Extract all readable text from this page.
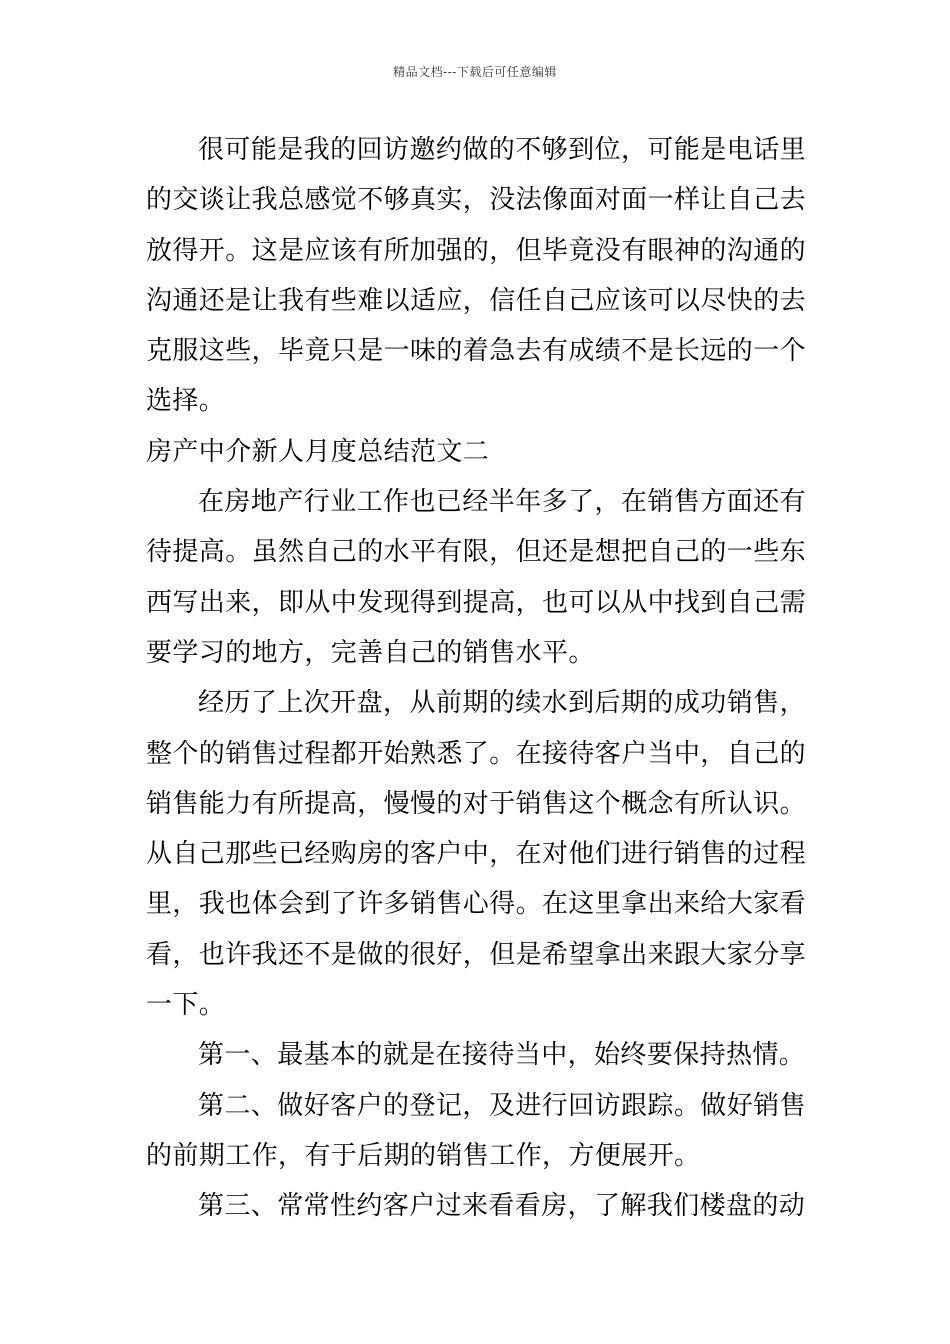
精品文档---下载后可任意编辑

很可能是我的回访邀约做的不够到位，可能是电话里的交谈让我总感觉不够真实，没法像面对面一样让自己去放得开。这是应该有所加强的，但毕竟没有眼神的沟通的沟通还是让我有些难以适应，信任自己应该可以尽快的去克服这些，毕竟只是一味的着急去有成绩不是长远的一个选择。

房产中介新人月度总结范文二

在房地产行业工作也已经半年多了，在销售方面还有待提高。虽然自己的水平有限，但还是想把自己的一些东西写出来，即从中发现得到提高，也可以从中找到自己需要学习的地方，完善自己的销售水平。

经历了上次开盘，从前期的续水到后期的成功销售，整个的销售过程都开始熟悉了。在接待客户当中，自己的销售能力有所提高，慢慢的对于销售这个概念有所认识。从自己那些已经购房的客户中，在对他们进行销售的过程里，我也体会到了许多销售心得。在这里拿出来给大家看看，也许我还不是做的很好，但是希望拿出来跟大家分享一下。

第一、最基本的就是在接待当中，始终要保持热情。

第二、做好客户的登记，及进行回访跟踪。做好销售的前期工作，有于后期的销售工作，方便展开。

第三、常常性约客户过来看看房，了解我们楼盘的动
